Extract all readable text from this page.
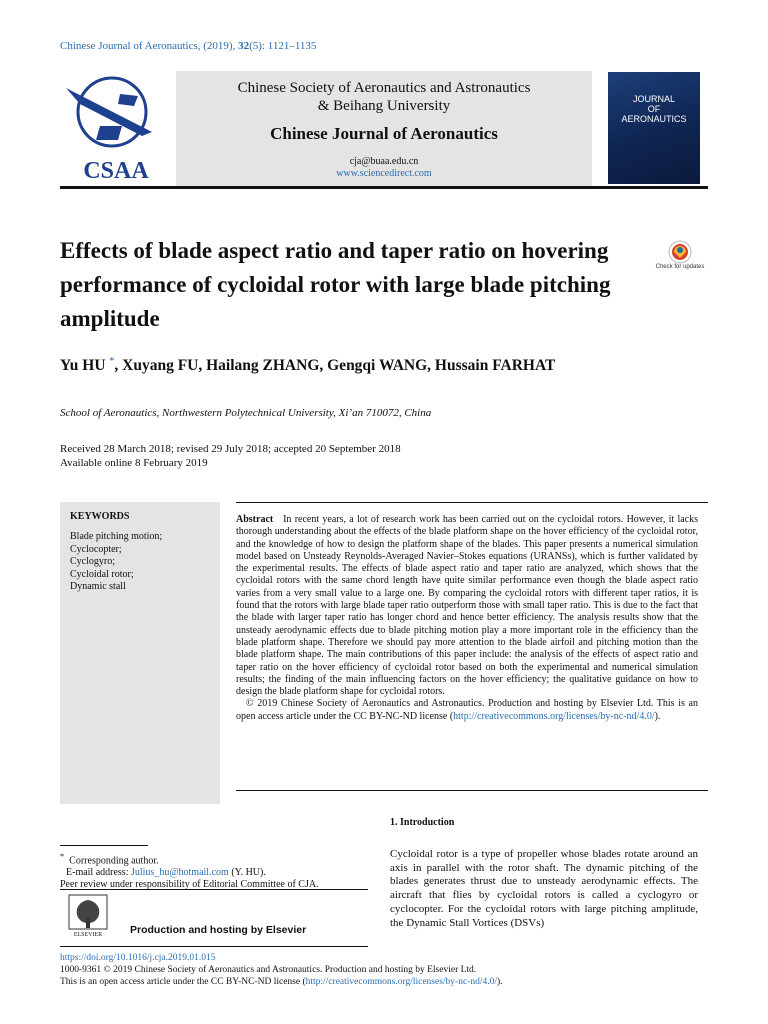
Chinese Journal of Aeronautics, (2019), 32(5): 1121–1135
CSAA
Chinese Society of Aeronautics and Astronautics
& Beihang University
Chinese Journal of Aeronautics
cja@buaa.edu.cn
www.sciencedirect.com
JOURNAL
OF
AERONAUTICS
Effects of blade aspect ratio and taper ratio on hovering performance of cycloidal rotor with large blade pitching amplitude
Check for updates
Yu HU *, Xuyang FU, Hailang ZHANG, Gengqi WANG, Hussain FARHAT
School of Aeronautics, Northwestern Polytechnical University, Xi’an 710072, China
Received 28 March 2018; revised 29 July 2018; accepted 20 September 2018
Available online 8 February 2019
KEYWORDS
Blade pitching motion;
Cyclocopter;
Cyclogyro;
Cycloidal rotor;
Dynamic stall

Abstract In recent years, a lot of research work has been carried out on the cycloidal rotors. However, it lacks thorough understanding about the effects of the blade platform shape on the hover efficiency of the cycloidal rotor, and the knowledge of how to design the platform shape of the blades. This paper presents a numerical simulation model based on Unsteady Reynolds-Averaged Navier–Stokes equations (URANSs), which is further validated by the experimental results. The effects of blade aspect ratio and taper ratio are analyzed, which shows that the cycloidal rotors with the same chord length have quite similar performance even though the blade aspect ratio varies from a very small value to a large one. By comparing the cycloidal rotors with different taper ratios, it is found that the rotors with large blade taper ratio outperform those with small taper ratio. This is due to the fact that the blade with larger taper ratio has longer chord and hence better efficiency. The analysis results show that the unsteady aerodynamic effects due to blade pitching motion play a more important role in the efficiency than the blade platform shape. Therefore we should pay more attention to the blade airfoil and pitching motion than the blade platform shape. The main contributions of this paper include: the analysis of the effects of aspect ratio and taper ratio on the hover efficiency of cycloidal rotor based on both the experimental and numerical simulation results; the finding of the main influencing factors on the hover efficiency; the qualitative guidance on how to design the blade platform shape for cycloidal rotors.

© 2019 Chinese Society of Aeronautics and Astronautics. Production and hosting by Elsevier Ltd. This is an open access article under the CC BY-NC-ND license (http://creativecommons.org/licenses/by-nc-nd/4.0/).

1. Introduction
Cycloidal rotor is a type of propeller whose blades rotate around an axis in parallel with the rotor shaft. The dynamic pitching of the blades generates thrust due to unsteady aerodynamic effects. The aircraft that flies by cycloidal rotors is called a cyclogyro or cyclocopter. For the cycloidal rotors with large pitching amplitude, the Dynamic Stall Vortices (DSVs)
* Corresponding author.
E-mail address: Julius_hu@hotmail.com (Y. HU).
Peer review under responsibility of Editorial Committee of CJA.
ELSEVIER	Production and hosting by Elsevier
https://doi.org/10.1016/j.cja.2019.01.015
1000-9361 © 2019 Chinese Society of Aeronautics and Astronautics. Production and hosting by Elsevier Ltd.
This is an open access article under the CC BY-NC-ND license (http://creativecommons.org/licenses/by-nc-nd/4.0/).
